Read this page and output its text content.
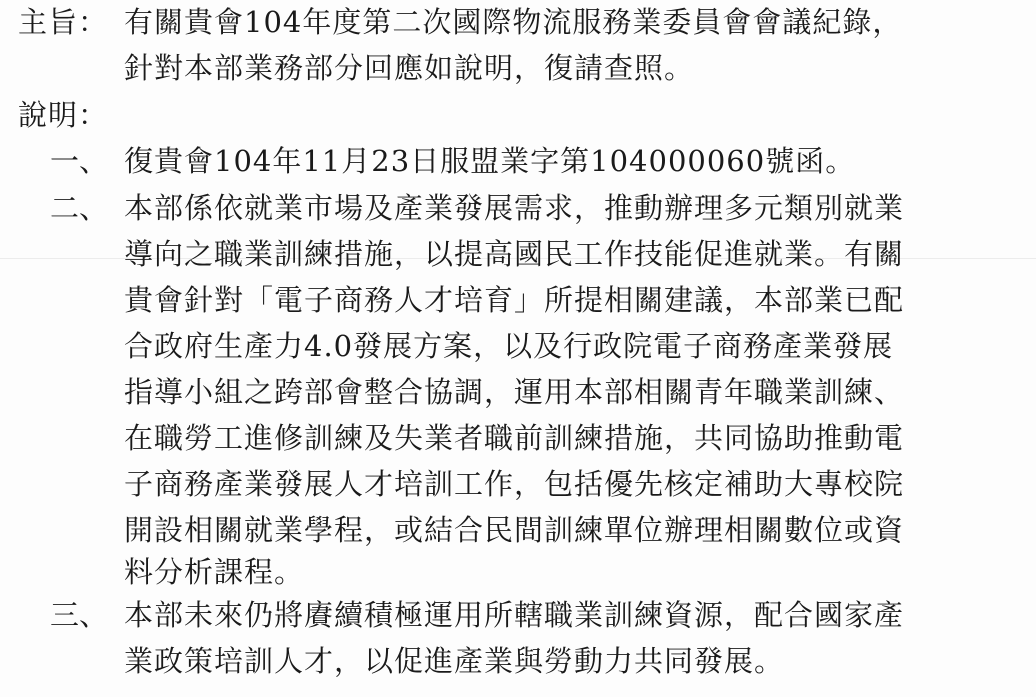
主旨： 有關貴會104年度第二次國際物流服務業委員會會議紀錄，
針對本部業務部分回應如說明，復請查照。
說明：
一、 復貴會104年11月23日服盟業字第104000060號函。
二、 本部係依就業市場及產業發展需求，推動辦理多元類別就業
導向之職業訓練措施，以提高國民工作技能促進就業。有關
貴會針對「電子商務人才培育」所提相關建議，本部業已配
合政府生產力4.0發展方案，以及行政院電子商務產業發展
指導小組之跨部會整合協調，運用本部相關青年職業訓練、
在職勞工進修訓練及失業者職前訓練措施，共同協助推動電
子商務產業發展人才培訓工作，包括優先核定補助大專校院
開設相關就業學程，或結合民間訓練單位辦理相關數位或資
料分析課程。
三、 本部未來仍將賡續積極運用所轄職業訓練資源，配合國家產
業政策培訓人才，以促進產業與勞動力共同發展。
